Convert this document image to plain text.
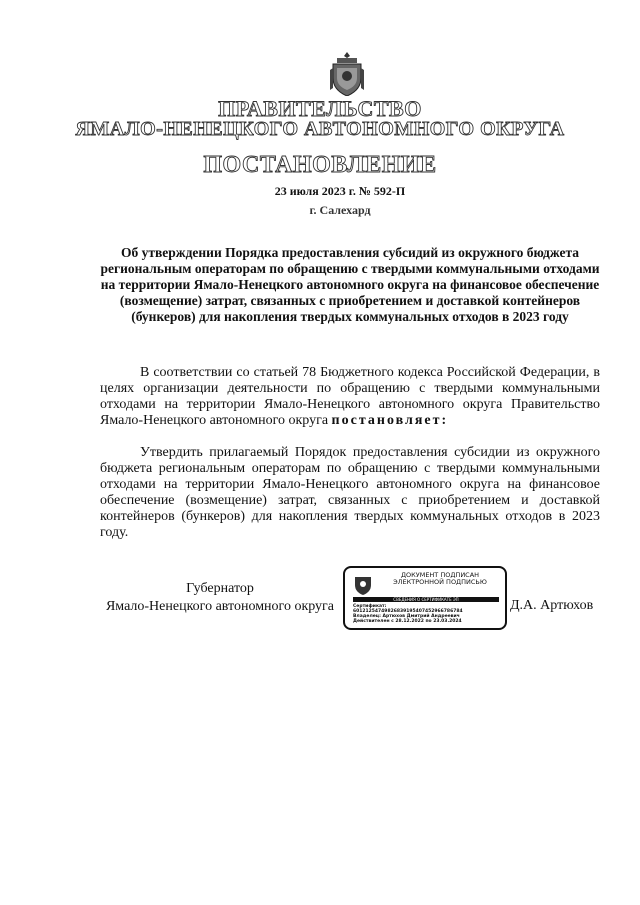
ПРАВИТЕЛЬСТВО
ЯМАЛО-НЕНЕЦКОГО АВТОНОМНОГО ОКРУГА
ПОСТАНОВЛЕНИЕ
23 июля 2023 г. № 592-П
г. Салехард
Об утверждении Порядка предоставления субсидий из окружного бюджета региональным операторам по обращению с твердыми коммунальными отходами на территории Ямало-Ненецкого автономного округа на финансовое обеспечение (возмещение) затрат, связанных с приобретением и доставкой контейнеров (бункеров) для накопления твердых коммунальных отходов в 2023 году
В соответствии со статьей 78 Бюджетного кодекса Российской Федерации, в целях организации деятельности по обращению с твердыми коммунальными отходами на территории Ямало-Ненецкого автономного округа Правительство Ямало-Ненецкого автономного округа постановляет:
Утвердить прилагаемый Порядок предоставления субсидии из окружного бюджета региональным операторам по обращению с твердыми коммунальными отходами на территории Ямало-Ненецкого автономного округа на финансовое обеспечение (возмещение) затрат, связанных с приобретением и доставкой контейнеров (бункеров) для накопления твердых коммунальных отходов в 2023 году.
Губернатор
Ямало-Ненецкого автономного округа
ДОКУМЕНТ ПОДПИСАН
ЭЛЕКТРОННОЙ ПОДПИСЬЮ
СВЕДЕНИЯ О СЕРТИФИКАТЕ ЭП
Сертификат:
60121254749826839195407452966786784
Владелец: Артюхов Дмитрий Андреевич
Действителен с 28.12.2022 по 23.03.2024
Д.А. Артюхов
